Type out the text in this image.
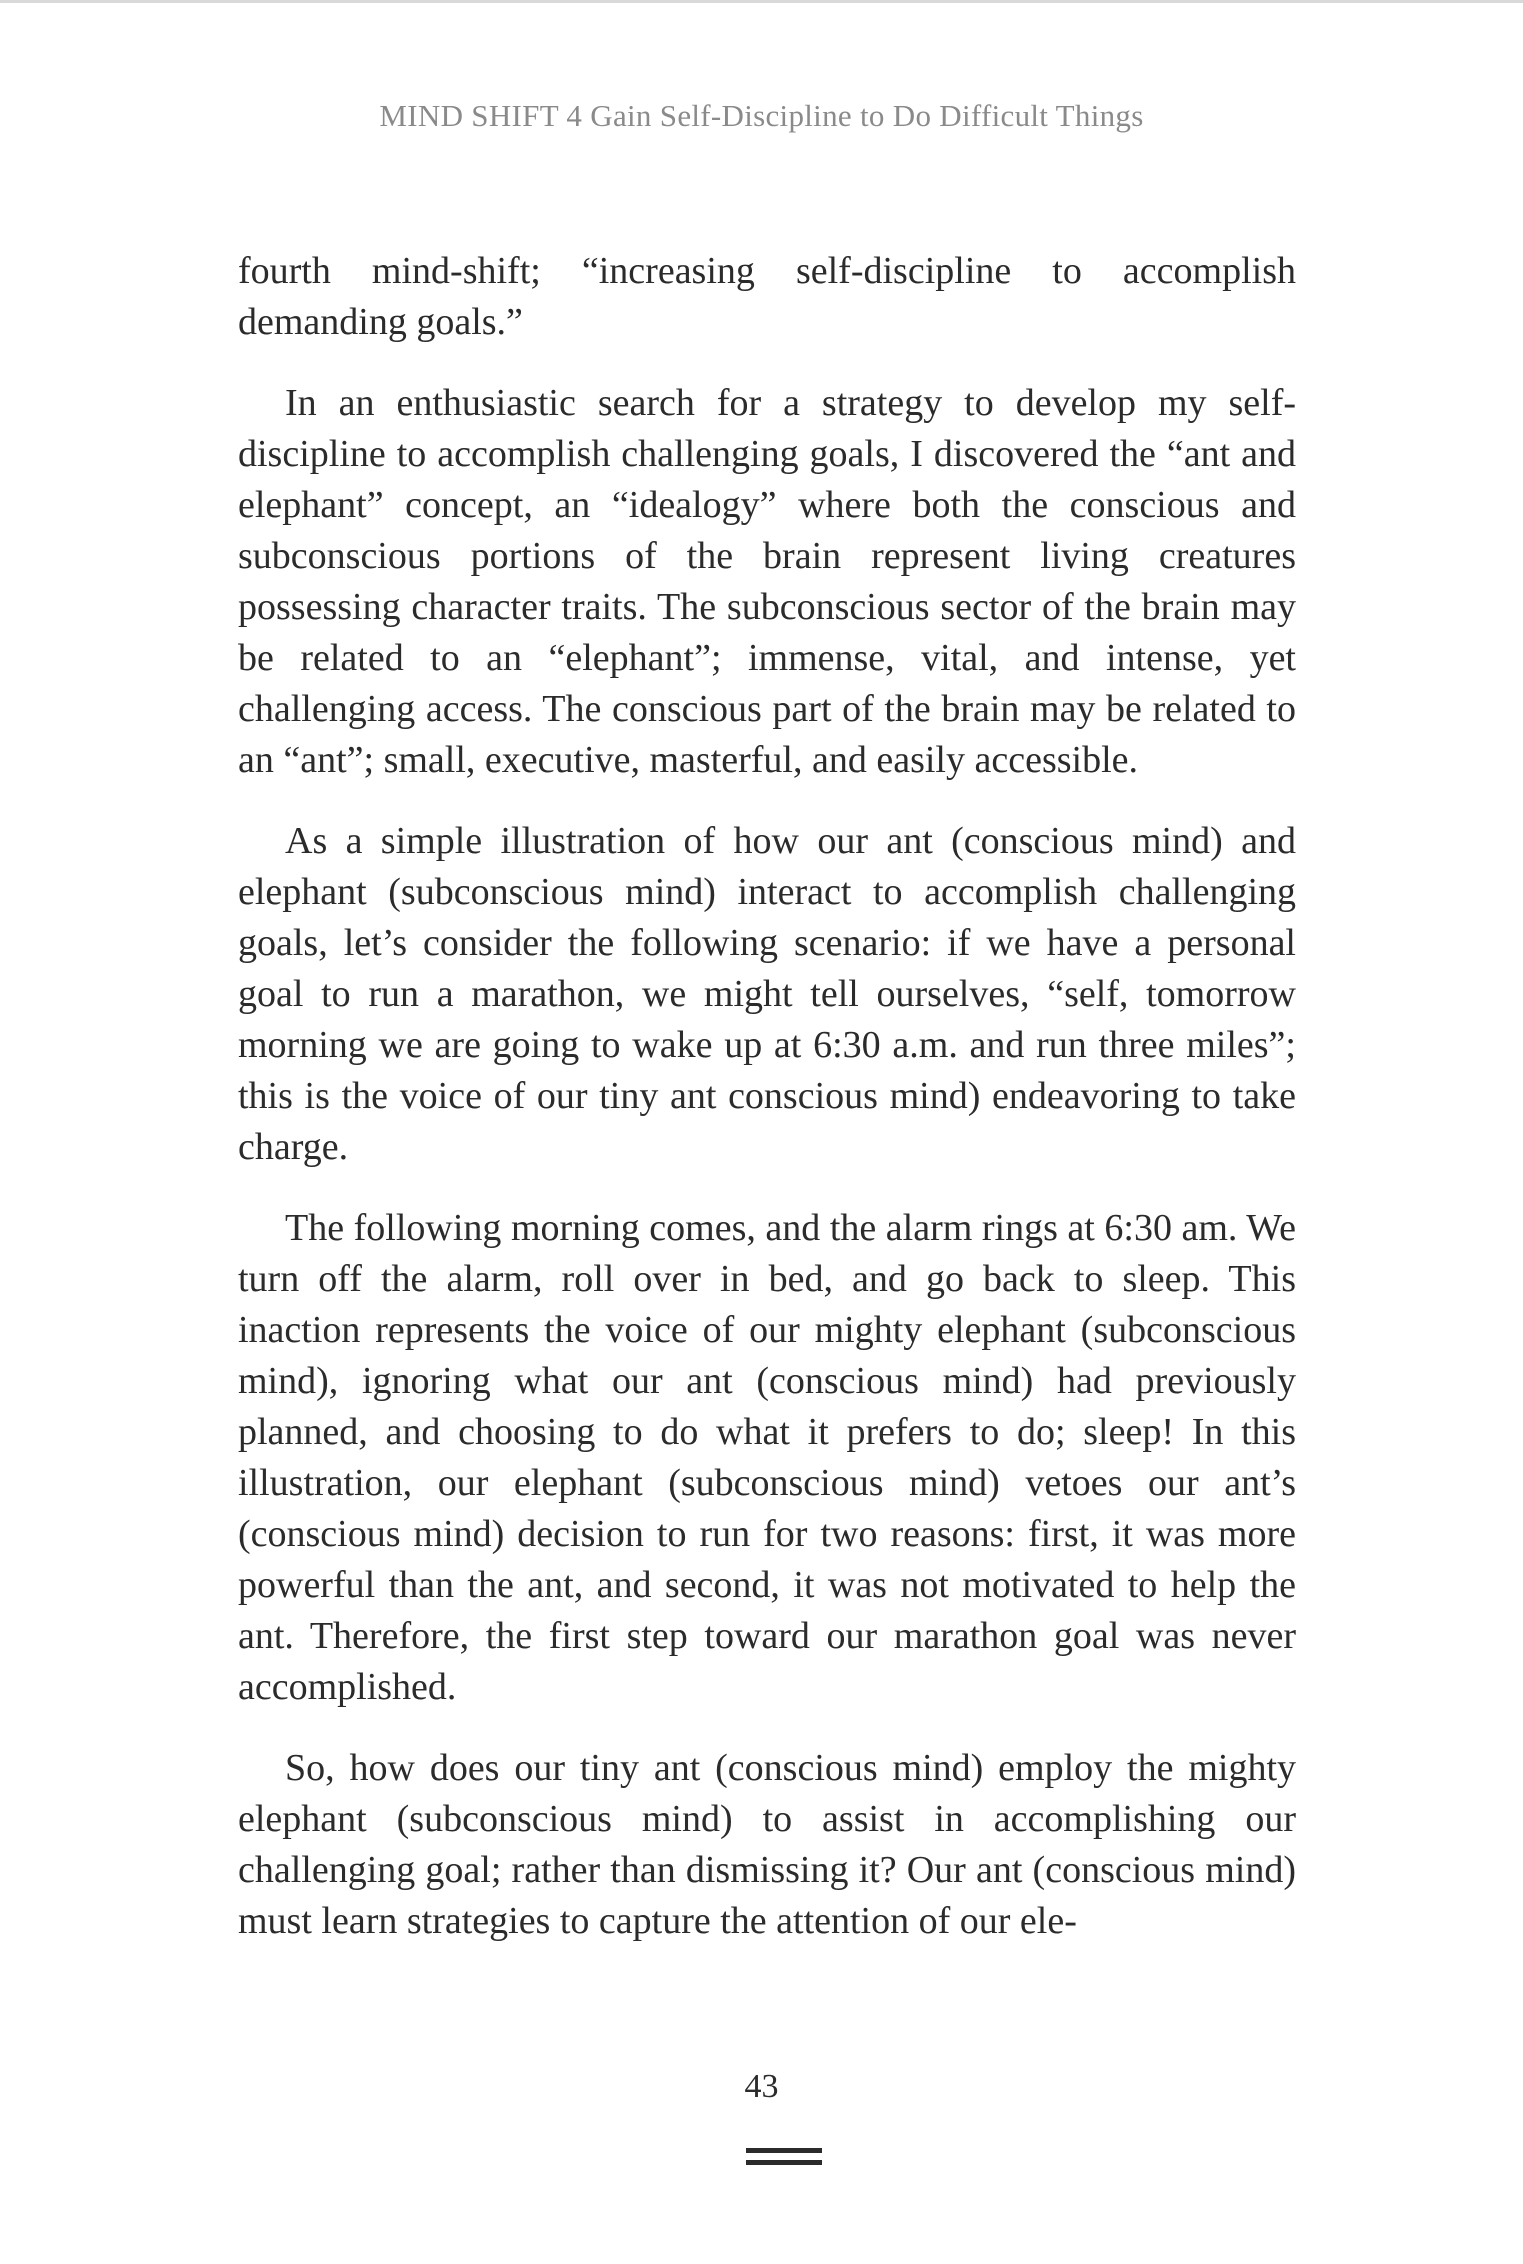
MIND SHIFT 4 Gain Self-Discipline to Do Difficult Things

fourth mind-shift; “increasing self-discipline to accomplish demanding goals.”

In an enthusiastic search for a strategy to develop my self-discipline to accomplish challenging goals, I discovered the “ant and elephant” concept, an “idealogy” where both the conscious and subconscious portions of the brain represent living creatures possessing character traits. The subconscious sector of the brain may be related to an “elephant”; immense, vital, and intense, yet challenging access. The conscious part of the brain may be related to an “ant”; small, executive, masterful, and easily accessible.

As a simple illustration of how our ant (conscious mind) and elephant (subconscious mind) interact to accomplish challenging goals, let’s consider the following scenario: if we have a personal goal to run a marathon, we might tell ourselves, “self, tomorrow morning we are going to wake up at 6:30 a.m. and run three miles”; this is the voice of our tiny ant conscious mind) endeavoring to take charge.

The following morning comes, and the alarm rings at 6:30 am. We turn off the alarm, roll over in bed, and go back to sleep. This inaction represents the voice of our mighty elephant (subconscious mind), ignoring what our ant (conscious mind) had previously planned, and choosing to do what it prefers to do; sleep! In this illustration, our elephant (subconscious mind) vetoes our ant’s (conscious mind) decision to run for two reasons: first, it was more powerful than the ant, and second, it was not motivated to help the ant. Therefore, the first step toward our marathon goal was never accomplished.

So, how does our tiny ant (conscious mind) employ the mighty elephant (subconscious mind) to assist in accomplishing our challenging goal; rather than dismissing it? Our ant (conscious mind) must learn strategies to capture the attention of our ele-

43
